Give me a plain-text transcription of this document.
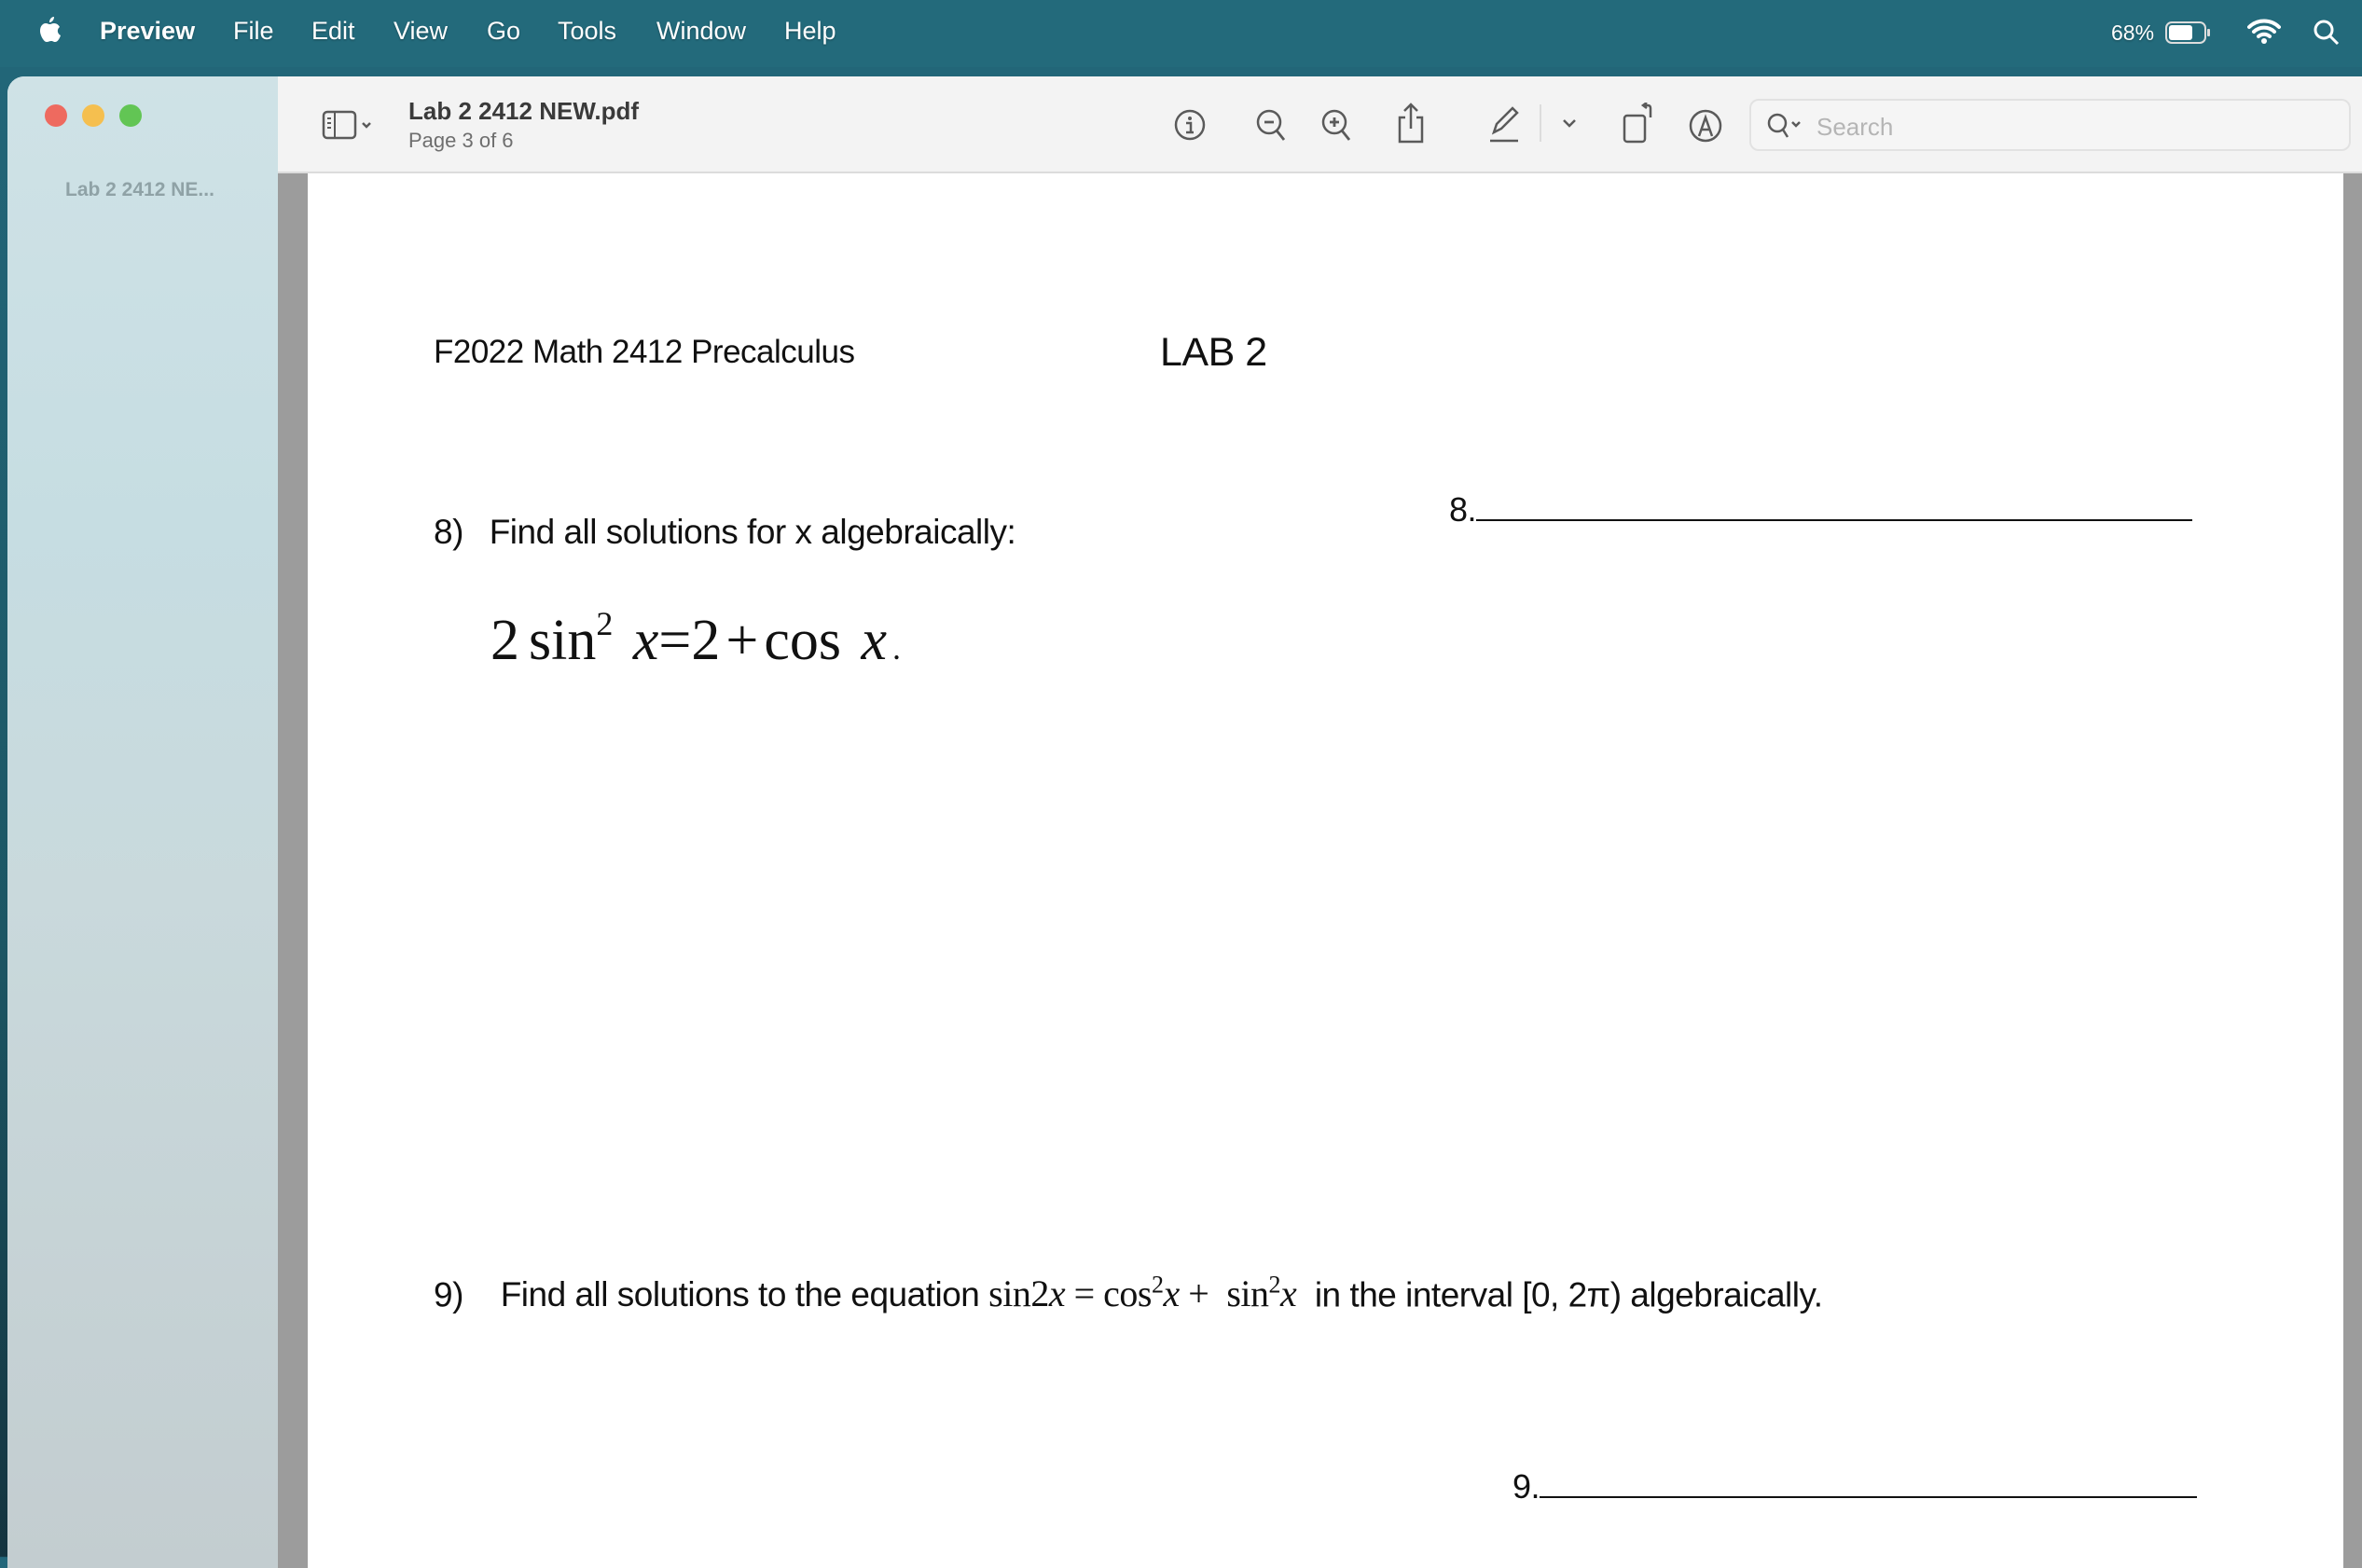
Preview File Edit View Go Tools Window Help	68%
Lab 2 2412 NE...
Lab 2 2412 NEW.pdf
Page 3 of 6	Search
F2022 Math 2412 Precalculus	LAB 2
8.
8) Find all solutions for x algebraically:
2 $\sin^2 x=2+\cos$ x .
9) Find all solutions to the equation $\sin 2x = \cos^2x + \sin^2x$  in the interval [0, 2π) algebraically.
9.
